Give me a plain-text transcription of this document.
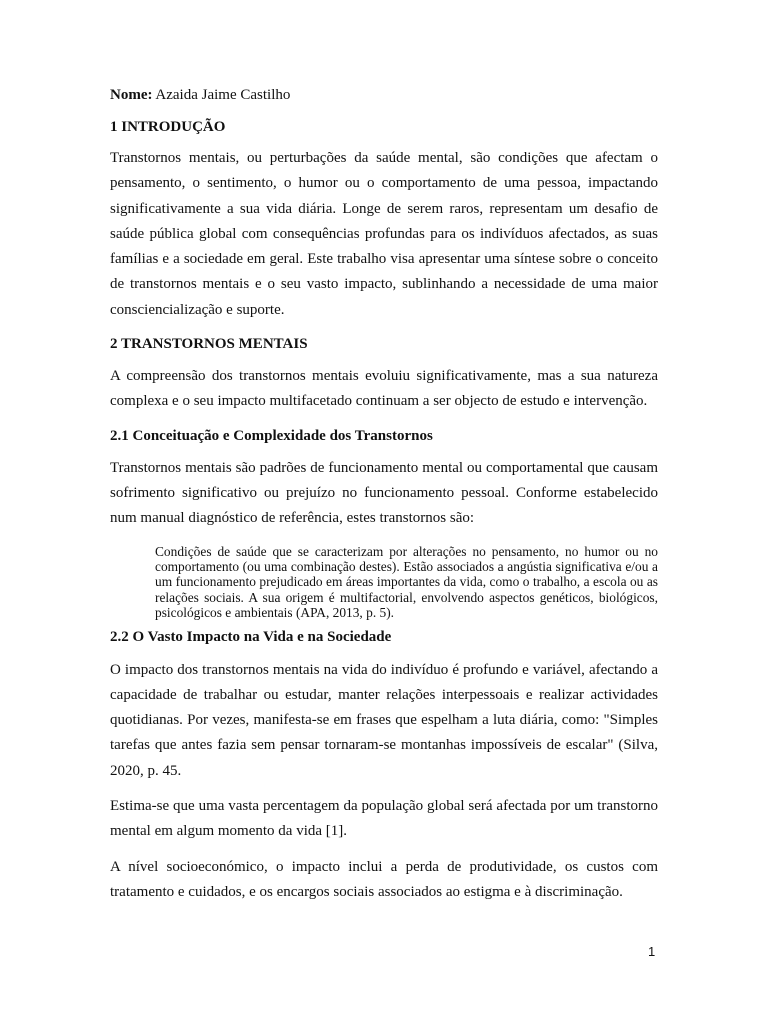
Nome: Azaida Jaime Castilho

1 INTRODUÇÃO

Transtornos mentais, ou perturbações da saúde mental, são condições que afectam o pensamento, o sentimento, o humor ou o comportamento de uma pessoa, impactando significativamente a sua vida diária. Longe de serem raros, representam um desafio de saúde pública global com consequências profundas para os indivíduos afectados, as suas famílias e a sociedade em geral. Este trabalho visa apresentar uma síntese sobre o conceito de transtornos mentais e o seu vasto impacto, sublinhando a necessidade de uma maior consciencialização e suporte.

2 TRANSTORNOS MENTAIS

A compreensão dos transtornos mentais evoluiu significativamente, mas a sua natureza complexa e o seu impacto multifacetado continuam a ser objecto de estudo e intervenção.

2.1 Conceituação e Complexidade dos Transtornos

Transtornos mentais são padrões de funcionamento mental ou comportamental que causam sofrimento significativo ou prejuízo no funcionamento pessoal. Conforme estabelecido num manual diagnóstico de referência, estes transtornos são:

Condições de saúde que se caracterizam por alterações no pensamento, no humor ou no comportamento (ou uma combinação destes). Estão associados a angústia significativa e/ou a um funcionamento prejudicado em áreas importantes da vida, como o trabalho, a escola ou as relações sociais. A sua origem é multifactorial, envolvendo aspectos genéticos, biológicos, psicológicos e ambientais (APA, 2013, p. 5).

2.2 O Vasto Impacto na Vida e na Sociedade

O impacto dos transtornos mentais na vida do indivíduo é profundo e variável, afectando a capacidade de trabalhar ou estudar, manter relações interpessoais e realizar actividades quotidianas. Por vezes, manifesta-se em frases que espelham a luta diária, como: "Simples tarefas que antes fazia sem pensar tornaram-se montanhas impossíveis de escalar" (Silva, 2020, p. 45.

Estima-se que uma vasta percentagem da população global será afectada por um transtorno mental em algum momento da vida [1].

A nível socioeconómico, o impacto inclui a perda de produtividade, os custos com tratamento e cuidados, e os encargos sociais associados ao estigma e à discriminação.

1
